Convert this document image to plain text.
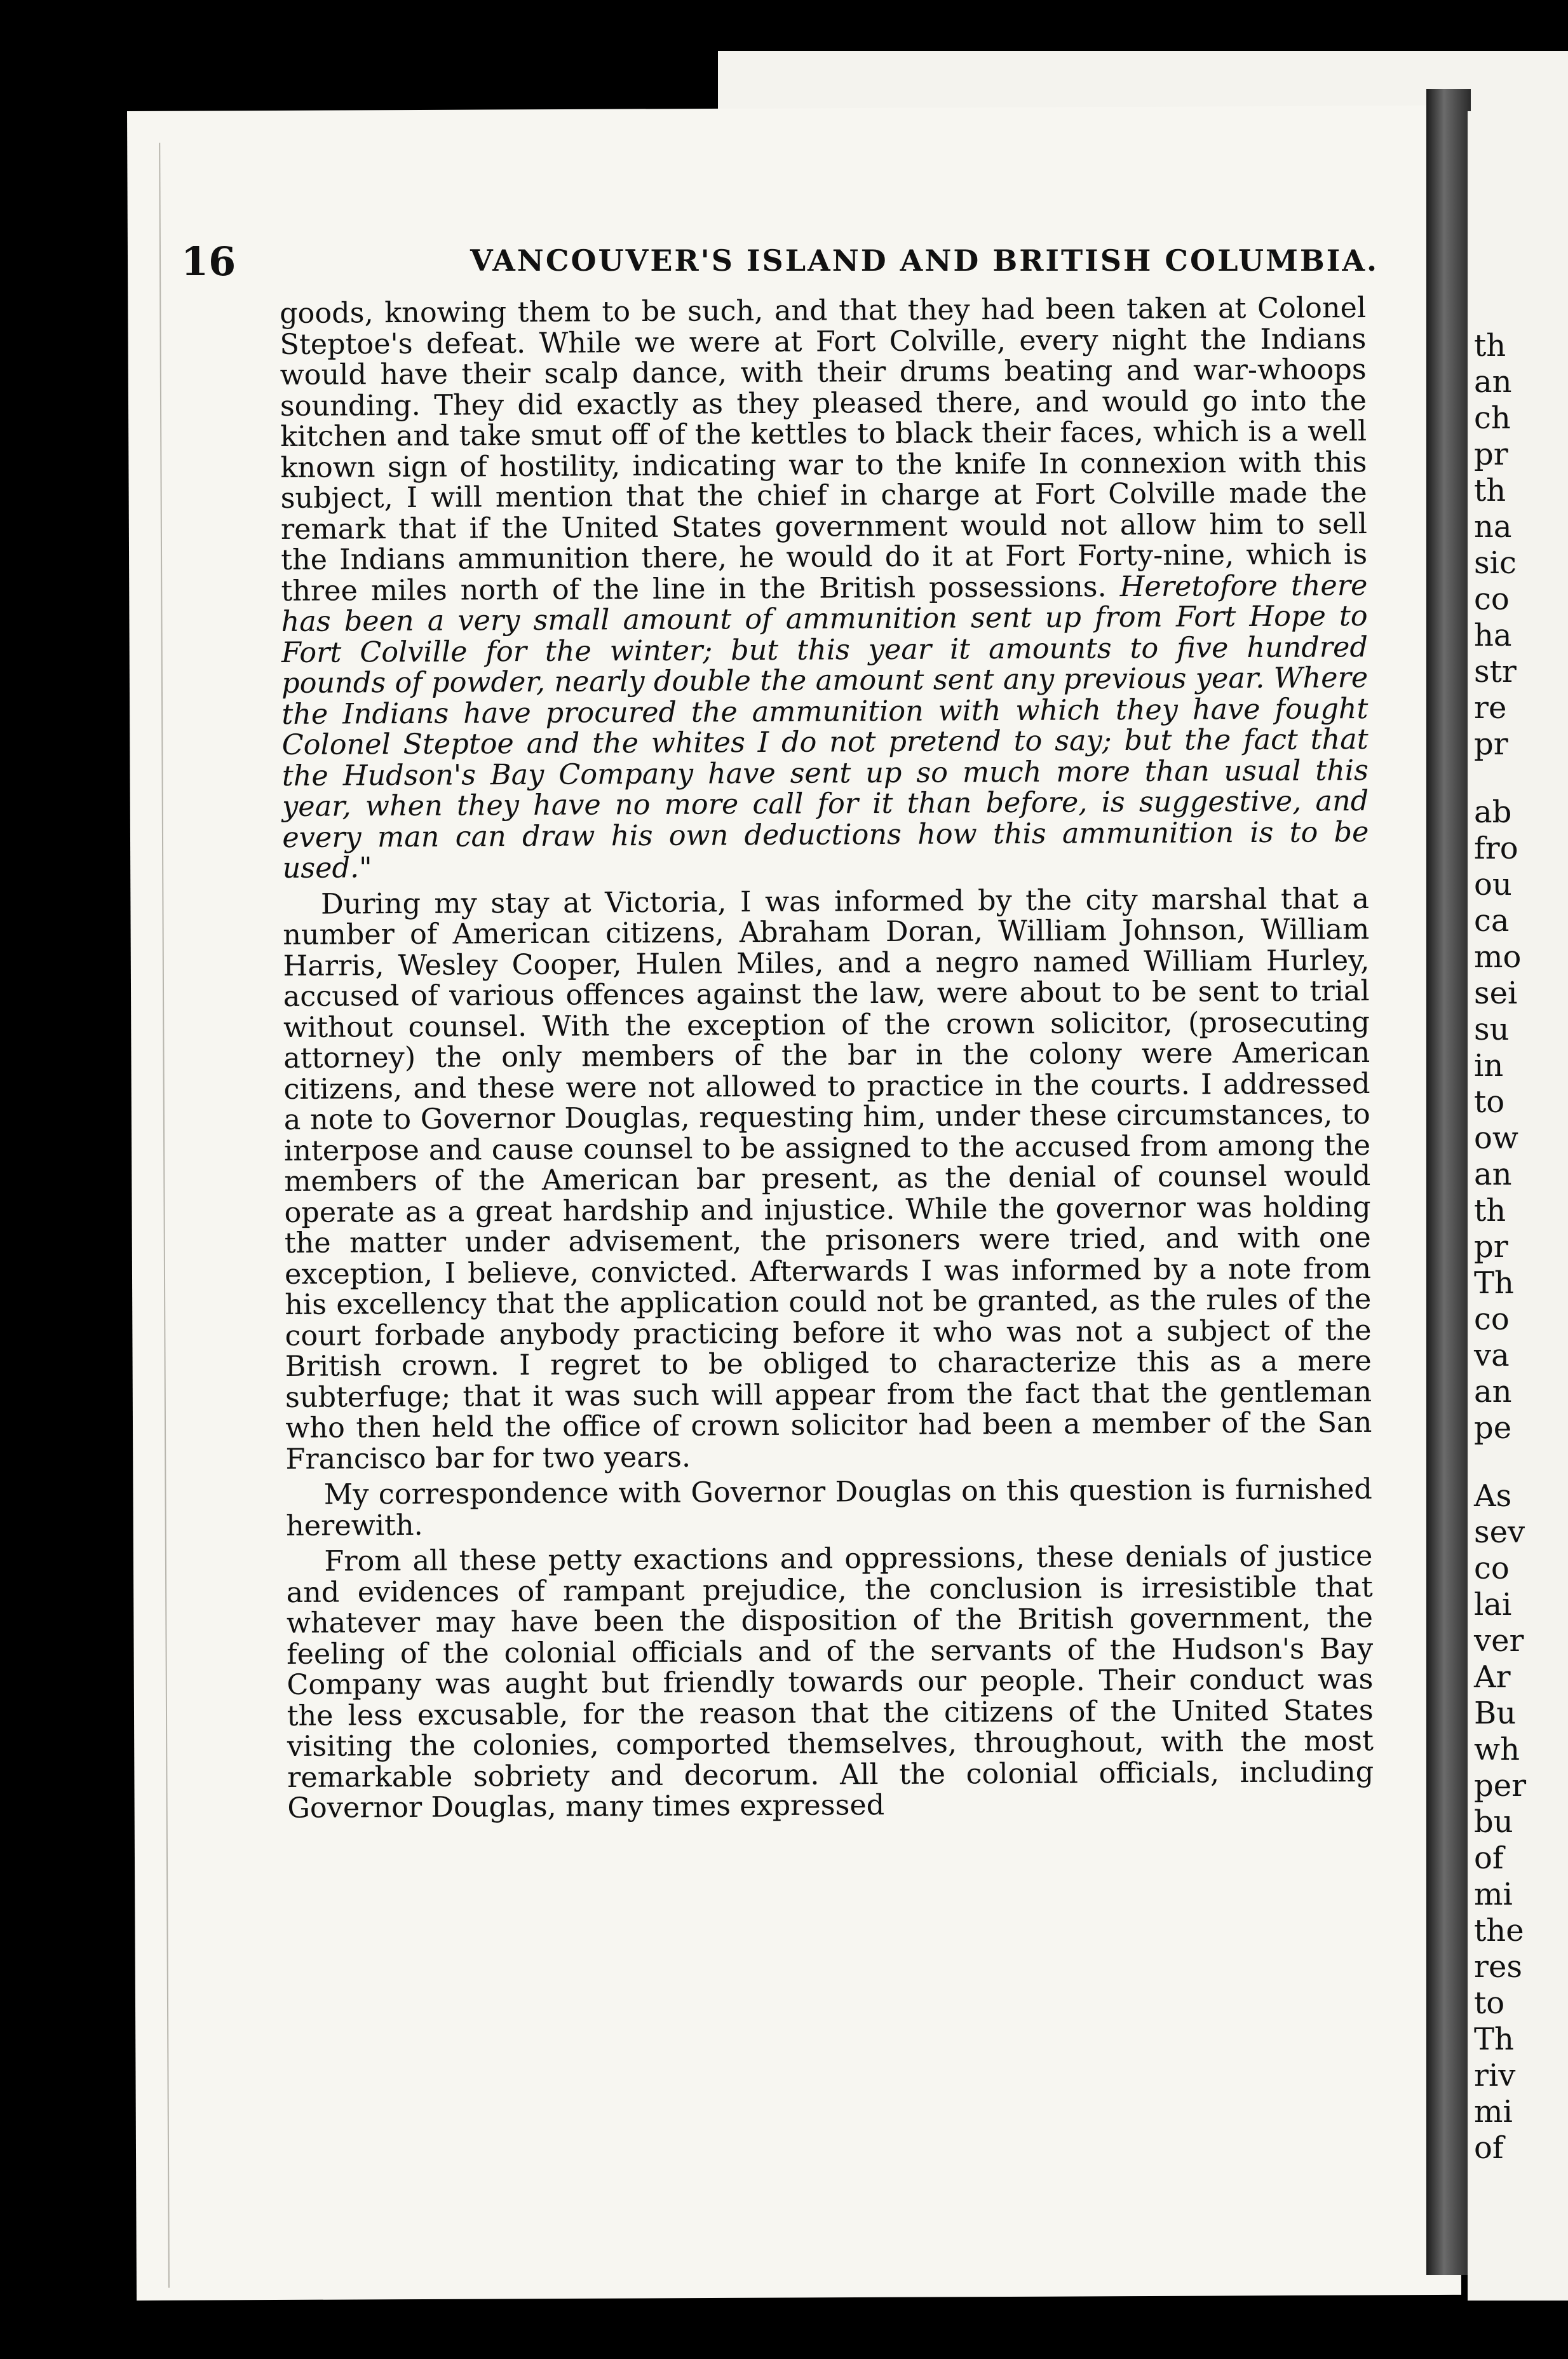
th
an
ch
pr
th
na
sic
co
ha
str
re
pr
ab
fro
ou
ca
mo
sei
su
in
to
ow
an
th
pr
Th
co
va
an
pe
As
sev
co
lai
ver
Ar
Bu
wh
per
bu
of
mi
the
res
to
Th
riv
mi
of
16	VANCOUVER'S ISLAND AND BRITISH COLUMBIA.

goods, knowing them to be such, and that they had been taken at Colonel Steptoe's defeat. While we were at Fort Colville, every night the Indians would have their scalp dance, with their drums beating and war-whoops sounding. They did exactly as they pleased there, and would go into the kitchen and take smut off of the kettles to black their faces, which is a well known sign of hostility, indicating war to the knife In connexion with this subject, I will mention that the chief in charge at Fort Colville made the remark that if the United States government would not allow him to sell the Indians ammunition there, he would do it at Fort Forty-nine, which is three miles north of the line in the British possessions. Heretofore there has been a very small amount of ammunition sent up from Fort Hope to Fort Colville for the winter; but this year it amounts to five hundred pounds of powder, nearly double the amount sent any previous year. Where the Indians have procured the ammunition with which they have fought Colonel Steptoe and the whites I do not pretend to say; but the fact that the Hudson's Bay Company have sent up so much more than usual this year, when they have no more call for it than before, is suggestive, and every man can draw his own deductions how this ammunition is to be used."

During my stay at Victoria, I was informed by the city marshal that a number of American citizens, Abraham Doran, William Johnson, William Harris, Wesley Cooper, Hulen Miles, and a negro named William Hurley, accused of various offences against the law, were about to be sent to trial without counsel. With the exception of the crown solicitor, (prosecuting attorney) the only members of the bar in the colony were American citizens, and these were not allowed to practice in the courts. I addressed a note to Governor Douglas, requesting him, under these circumstances, to interpose and cause counsel to be assigned to the accused from among the members of the American bar present, as the denial of counsel would operate as a great hardship and injustice. While the governor was holding the matter under advisement, the prisoners were tried, and with one exception, I believe, convicted. Afterwards I was informed by a note from his excellency that the application could not be granted, as the rules of the court forbade anybody practicing before it who was not a subject of the British crown. I regret to be obliged to characterize this as a mere subterfuge; that it was such will appear from the fact that the gentleman who then held the office of crown solicitor had been a member of the San Francisco bar for two years.

My correspondence with Governor Douglas on this question is furnished herewith.

From all these petty exactions and oppressions, these denials of justice and evidences of rampant prejudice, the conclusion is irresistible that whatever may have been the disposition of the British government, the feeling of the colonial officials and of the servants of the Hudson's Bay Company was aught but friendly towards our people. Their conduct was the less excusable, for the reason that the citizens of the United States visiting the colonies, comported themselves, throughout, with the most remarkable sobriety and decorum. All the colonial officials, including Governor Douglas, many times expressed
